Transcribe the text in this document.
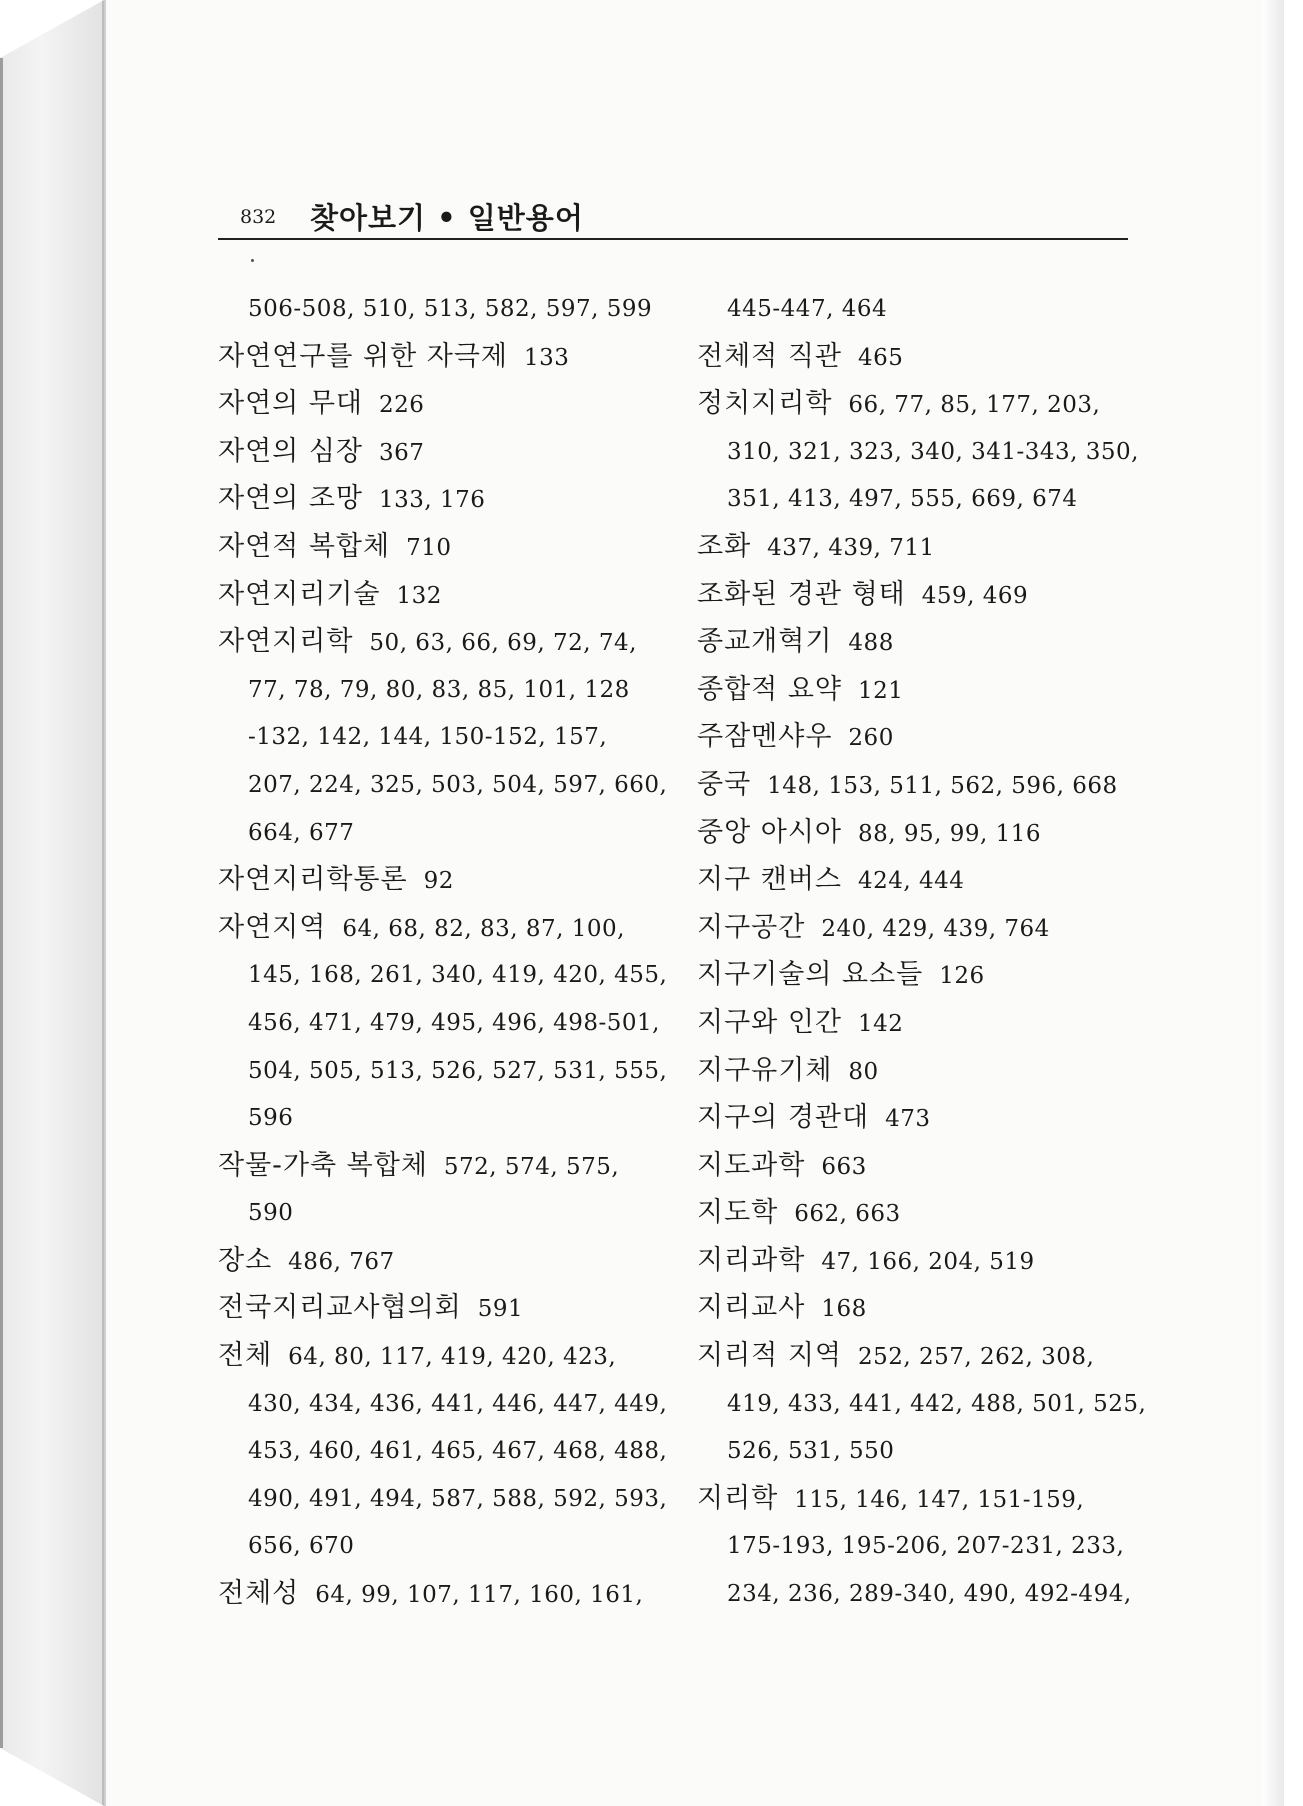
832 찾아보기 • 일반용어
506-508, 510, 513, 582, 597, 599
자연연구를 위한 자극제 133
자연의 무대 226
자연의 심장 367
자연의 조망 133, 176
자연적 복합체 710
자연지리기술 132
자연지리학 50, 63, 66, 69, 72, 74,
77, 78, 79, 80, 83, 85, 101, 128
-132, 142, 144, 150-152, 157,
207, 224, 325, 503, 504, 597, 660,
664, 677
자연지리학통론 92
자연지역 64, 68, 82, 83, 87, 100,
145, 168, 261, 340, 419, 420, 455,
456, 471, 479, 495, 496, 498-501,
504, 505, 513, 526, 527, 531, 555,
596
작물-가축 복합체 572, 574, 575,
590
장소 486, 767
전국지리교사협의회 591
전체 64, 80, 117, 419, 420, 423,
430, 434, 436, 441, 446, 447, 449,
453, 460, 461, 465, 467, 468, 488,
490, 491, 494, 587, 588, 592, 593,
656, 670
전체성 64, 99, 107, 117, 160, 161,
445-447, 464
전체적 직관 465
정치지리학 66, 77, 85, 177, 203,
310, 321, 323, 340, 341-343, 350,
351, 413, 497, 555, 669, 674
조화 437, 439, 711
조화된 경관 형태 459, 469
종교개혁기 488
종합적 요약 121
주잠멘샤우 260
중국 148, 153, 511, 562, 596, 668
중앙 아시아 88, 95, 99, 116
지구 캔버스 424, 444
지구공간 240, 429, 439, 764
지구기술의 요소들 126
지구와 인간 142
지구유기체 80
지구의 경관대 473
지도과학 663
지도학 662, 663
지리과학 47, 166, 204, 519
지리교사 168
지리적 지역 252, 257, 262, 308,
419, 433, 441, 442, 488, 501, 525,
526, 531, 550
지리학 115, 146, 147, 151-159,
175-193, 195-206, 207-231, 233,
234, 236, 289-340, 490, 492-494,
